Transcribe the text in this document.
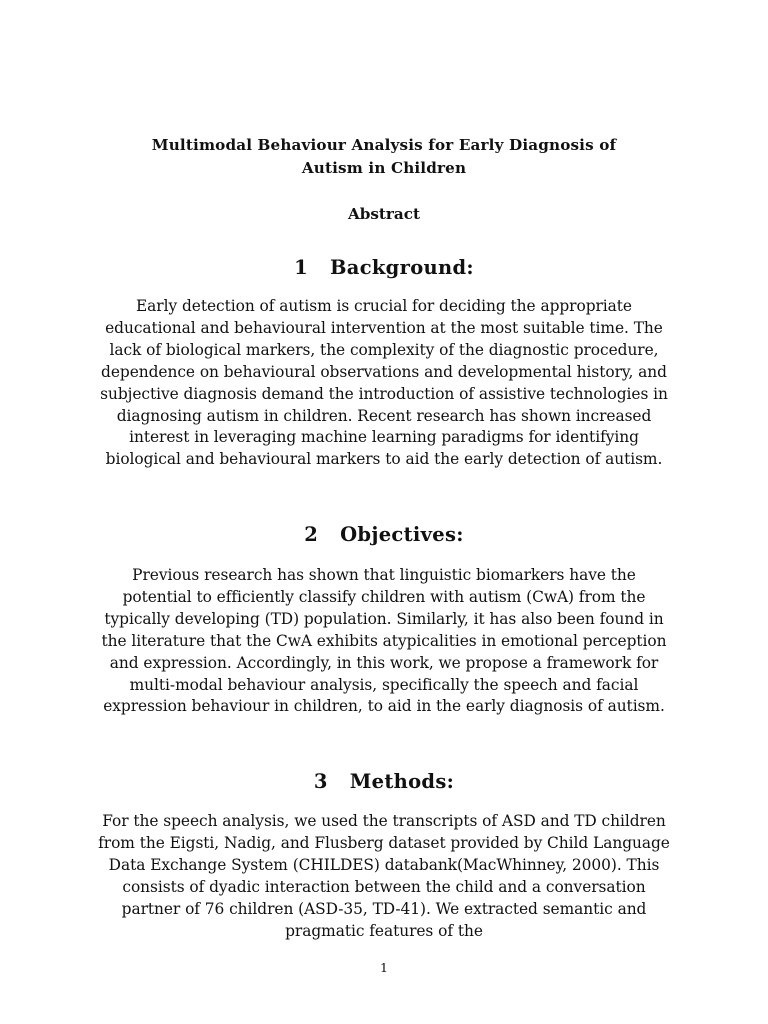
Multimodal Behaviour Analysis for Early Diagnosis of
Autism in Children

Abstract

1 Background:

Early detection of autism is crucial for deciding the appropriate educational and behavioural intervention at the most suitable time. The lack of biological markers, the complexity of the diagnostic procedure, dependence on behavioural observations and developmental history, and subjective diagnosis demand the introduction of assistive technologies in diagnosing autism in children. Recent research has shown increased interest in leveraging machine learning paradigms for identifying biological and behavioural markers to aid the early detection of autism.

2 Objectives:

Previous research has shown that linguistic biomarkers have the potential to efficiently classify children with autism (CwA) from the typically developing (TD) population. Similarly, it has also been found in the literature that the CwA exhibits atypicalities in emotional perception and expression. Accordingly, in this work, we propose a framework for multi-modal behaviour analysis, specifically the speech and facial expression behaviour in children, to aid in the early diagnosis of autism.

3 Methods:

For the speech analysis, we used the transcripts of ASD and TD children from the Eigsti, Nadig, and Flusberg dataset provided by Child Language Data Exchange System (CHILDES) databank(MacWhinney, 2000). This consists of dyadic interaction between the child and a conversation partner of 76 children (ASD-35, TD-41). We extracted semantic and pragmatic features of the

1
